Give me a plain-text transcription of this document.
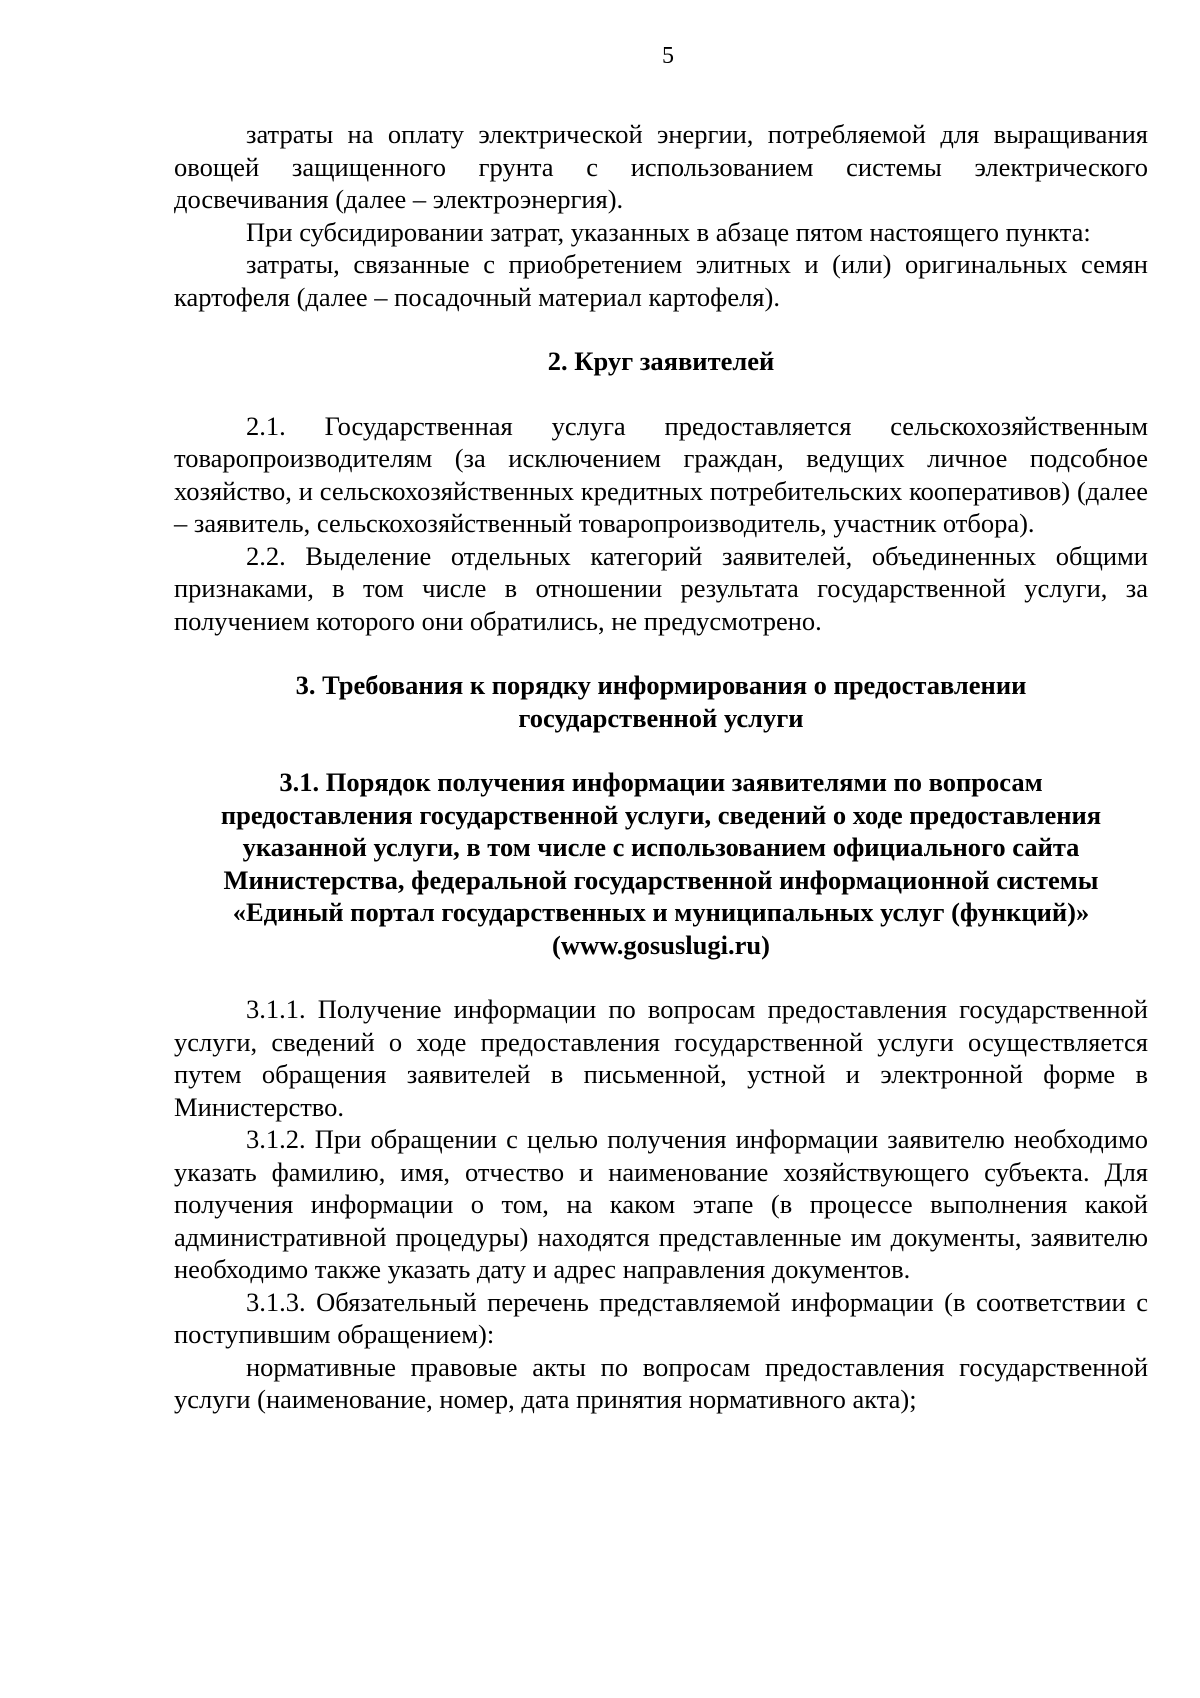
5

затраты на оплату электрической энергии, потребляемой для выращивания овощей защищенного грунта с использованием системы электрического досвечивания (далее – электроэнергия).

При субсидировании затрат, указанных в абзаце пятом настоящего пункта:

затраты, связанные с приобретением элитных и (или) оригинальных семян картофеля (далее – посадочный материал картофеля).

2. Круг заявителей

2.1. Государственная услуга предоставляется сельскохозяйственным товаропроизводителям (за исключением граждан, ведущих личное подсобное хозяйство, и сельскохозяйственных кредитных потребительских кооперативов) (далее – заявитель, сельскохозяйственный товаропроизводитель, участник отбора).

2.2. Выделение отдельных категорий заявителей, объединенных общими признаками, в том числе в отношении результата государственной услуги, за получением которого они обратились, не предусмотрено.

3. Требования к порядку информирования о предоставлении
государственной услуги
3.1. Порядок получения информации заявителями по вопросам
предоставления государственной услуги, сведений о ходе предоставления
указанной услуги, в том числе с использованием официального сайта
Министерства, федеральной государственной информационной системы
«Единый портал государственных и муниципальных услуг (функций)»
(www.gosuslugi.ru)

3.1.1. Получение информации по вопросам предоставления государственной услуги, сведений о ходе предоставления государственной услуги осуществляется путем обращения заявителей в письменной, устной и электронной форме в Министерство.

3.1.2. При обращении с целью получения информации заявителю необходимо указать фамилию, имя, отчество и наименование хозяйствующего субъекта. Для получения информации о том, на каком этапе (в процессе выполнения какой административной процедуры) находятся представленные им документы, заявителю необходимо также указать дату и адрес направления документов.

3.1.3. Обязательный перечень представляемой информации (в соответствии с поступившим обращением):

нормативные правовые акты по вопросам предоставления государственной услуги (наименование, номер, дата принятия нормативного акта);
